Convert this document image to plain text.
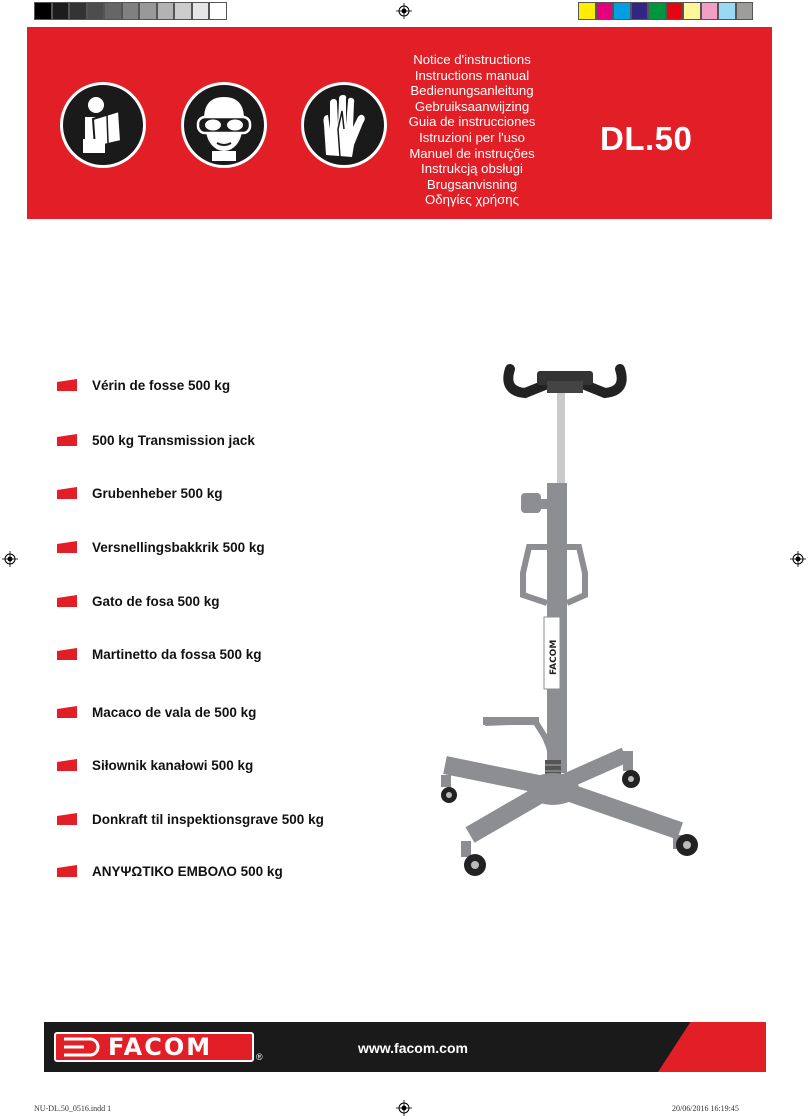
Notice d'instructions
Instructions manual
Bedienungsanleitung
Gebruiksaanwijzing
Guia de instrucciones
Istruzioni per l'uso
Manuel de instruções
Instrukcją obsługi
Brugsanvisning
Οδηγίες χρήσης
DL.50
Vérin de fosse 500 kg
500 kg Transmission jack
Grubenheber 500 kg
Versnellingsbakkrik 500 kg
Gato de fosa 500 kg
Martinetto da fossa 500 kg
Macaco de vala de 500 kg
Siłownik kanałowi 500 kg
Donkraft til inspektionsgrave 500 kg
ΑΝΥΨΩΤΙΚΟ ΕΜΒΟΛΟ 500 kg
FACOM
FACOM	®
www.facom.com
NU-DL.50_0516.indd 1	20/06/2016 16:19:45
